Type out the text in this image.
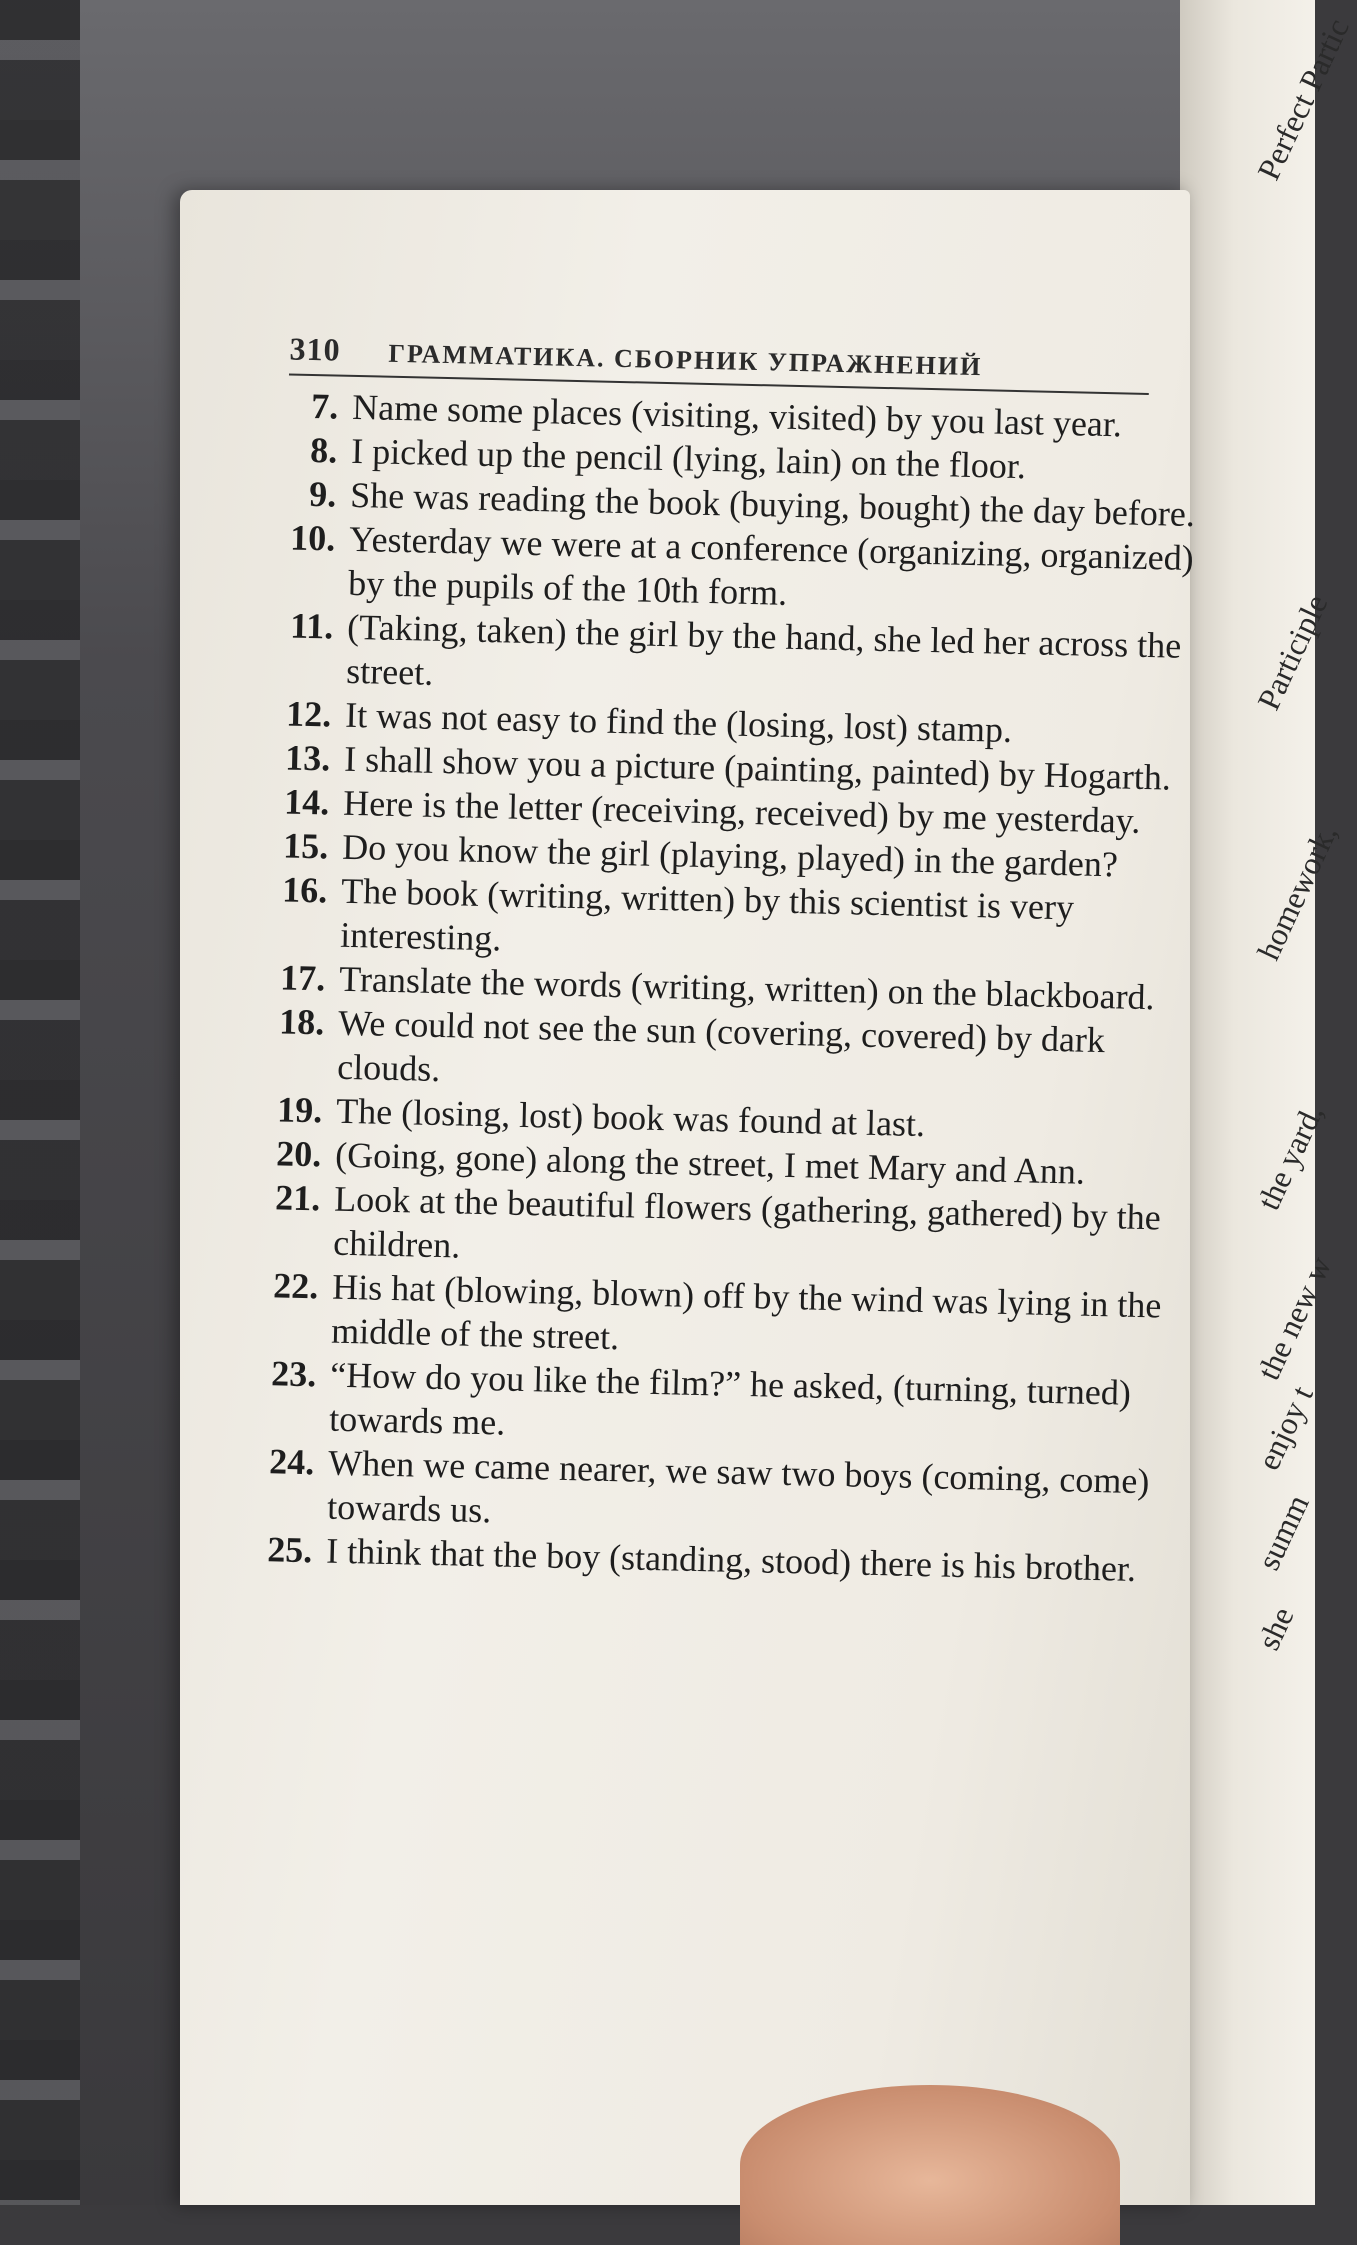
Perfect Partic
Participle
homework,
the yard,
the new w
enjoy t
summ
she
310 ГРАММАТИКА. СБОРНИК УПРАЖНЕНИЙ
7. Name some places (visiting, visited) by you last year.
8. I picked up the pencil (lying, lain) on the floor.
9. She was reading the book (buying, bought) the day before.
10. Yesterday we were at a conference (organizing, organized) by the pupils of the 10th form.
11. (Taking, taken) the girl by the hand, she led her across the street.
12. It was not easy to find the (losing, lost) stamp.
13. I shall show you a picture (painting, painted) by Hogarth.
14. Here is the letter (receiving, received) by me yesterday.
15. Do you know the girl (playing, played) in the garden?
16. The book (writing, written) by this scientist is very interesting.
17. Translate the words (writing, written) on the blackboard.
18. We could not see the sun (covering, covered) by dark clouds.
19. The (losing, lost) book was found at last.
20. (Going, gone) along the street, I met Mary and Ann.
21. Look at the beautiful flowers (gathering, gathered) by the children.
22. His hat (blowing, blown) off by the wind was lying in the middle of the street.
23. “How do you like the film?” he asked, (turning, turned) towards me.
24. When we came nearer, we saw two boys (coming, come) towards us.
25. I think that the boy (standing, stood) there is his brother.
